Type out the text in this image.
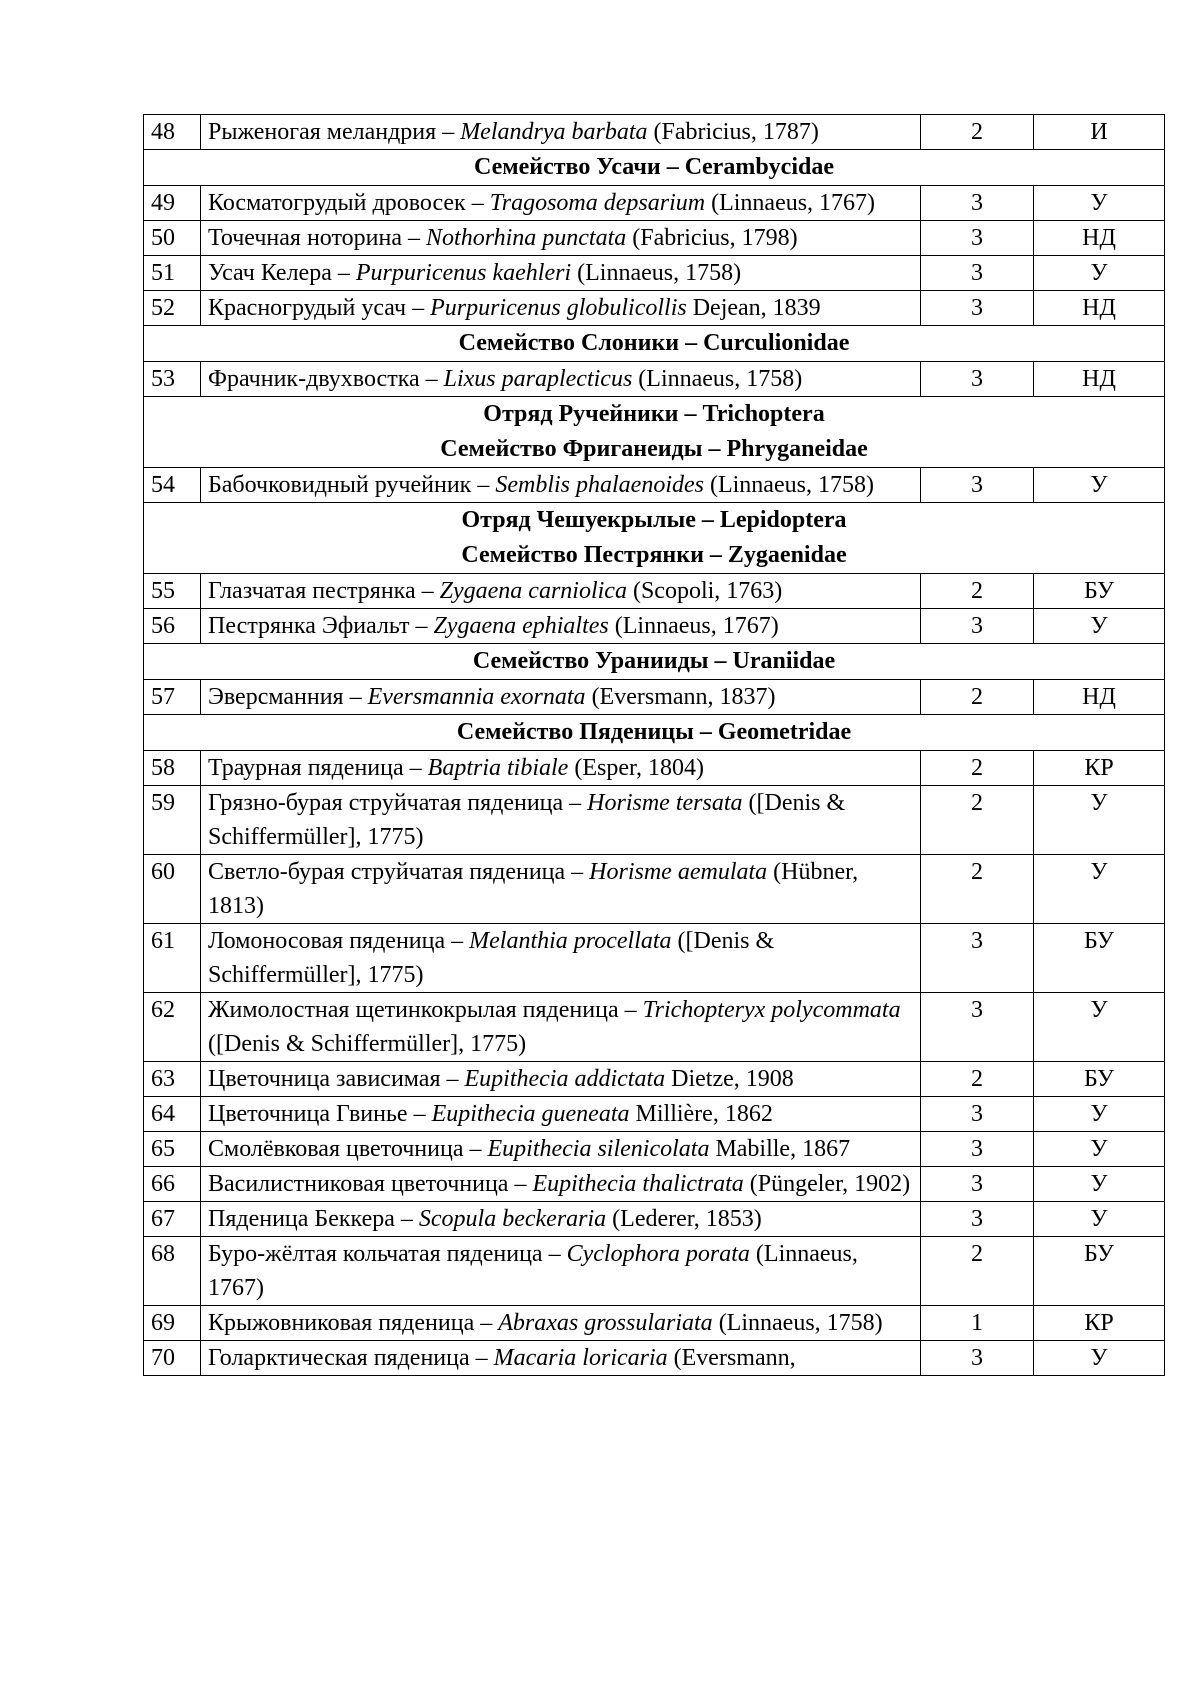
48	Рыженогая меландрия – Melandrya barbata (Fabricius, 1787)	2	И

Семейство Усачи – Cerambycidae			

49	Косматогрудый дровосек – Tragosoma depsarium (Linnaeus, 1767)	3	У
50	Точечная ноторина – Nothorhina punctata (Fabricius, 1798)	3	НД
51	Усач Келера – Purpuricenus kaehleri (Linnaeus, 1758)	3	У
52	Красногрудый усач – Purpuricenus globulicollis Dejean, 1839	3	НД

Семейство Слоники – Curculionidae			

53	Фрачник-двухвостка – Lixus paraplecticus (Linnaeus, 1758)	3	НД

Отряд Ручейники – Trichoptera
Семейство Фриганеиды – Phryganeidae			

54	Бабочковидный ручейник – Semblis phalaenoides (Linnaeus, 1758)	3	У

Отряд Чешуекрылые – Lepidoptera
Семейство Пестрянки – Zygaenidae			

55	Глазчатая пестрянка – Zygaena carniolica (Scopoli, 1763)	2	БУ
56	Пестрянка Эфиальт – Zygaena ephialtes (Linnaeus, 1767)	3	У

Семейство Уранииды – Uraniidae			

57	Эверсманния – Eversmannia exornata (Eversmann, 1837)	2	НД

Семейство Пяденицы – Geometridae			

58	Траурная пяденица – Baptria tibiale (Esper, 1804)	2	КР
59	Грязно-бурая струйчатая пяденица – Horisme tersata ([Denis & Schiffermüller], 1775)	2	У
60	Светло-бурая струйчатая пяденица – Horisme aemulata (Hübner, 1813)	2	У
61	Ломоносовая пяденица – Melanthia procellata ([Denis & Schiffermüller], 1775)	3	БУ
62	Жимолостная щетинкокрылая пяденица – Trichopteryx polycommata ([Denis & Schiffermüller], 1775)	3	У
63	Цветочница зависимая – Eupithecia addictata Dietze, 1908	2	БУ
64	Цветочница Гвинье – Eupithecia gueneata Millière, 1862	3	У
65	Смолёвковая цветочница – Eupithecia silenicolata Mabille, 1867	3	У
66	Василистниковая цветочница – Eupithecia thalictrata (Püngeler, 1902)	3	У
67	Пяденица Беккера – Scopula beckeraria (Lederer, 1853)	3	У
68	Буро-жёлтая кольчатая пяденица – Cyclophora porata (Linnaeus, 1767)	2	БУ
69	Крыжовниковая пяденица – Abraxas grossulariata (Linnaeus, 1758)	1	КР
70	Голарктическая пяденица – Macaria loricaria (Eversmann,	3	У
